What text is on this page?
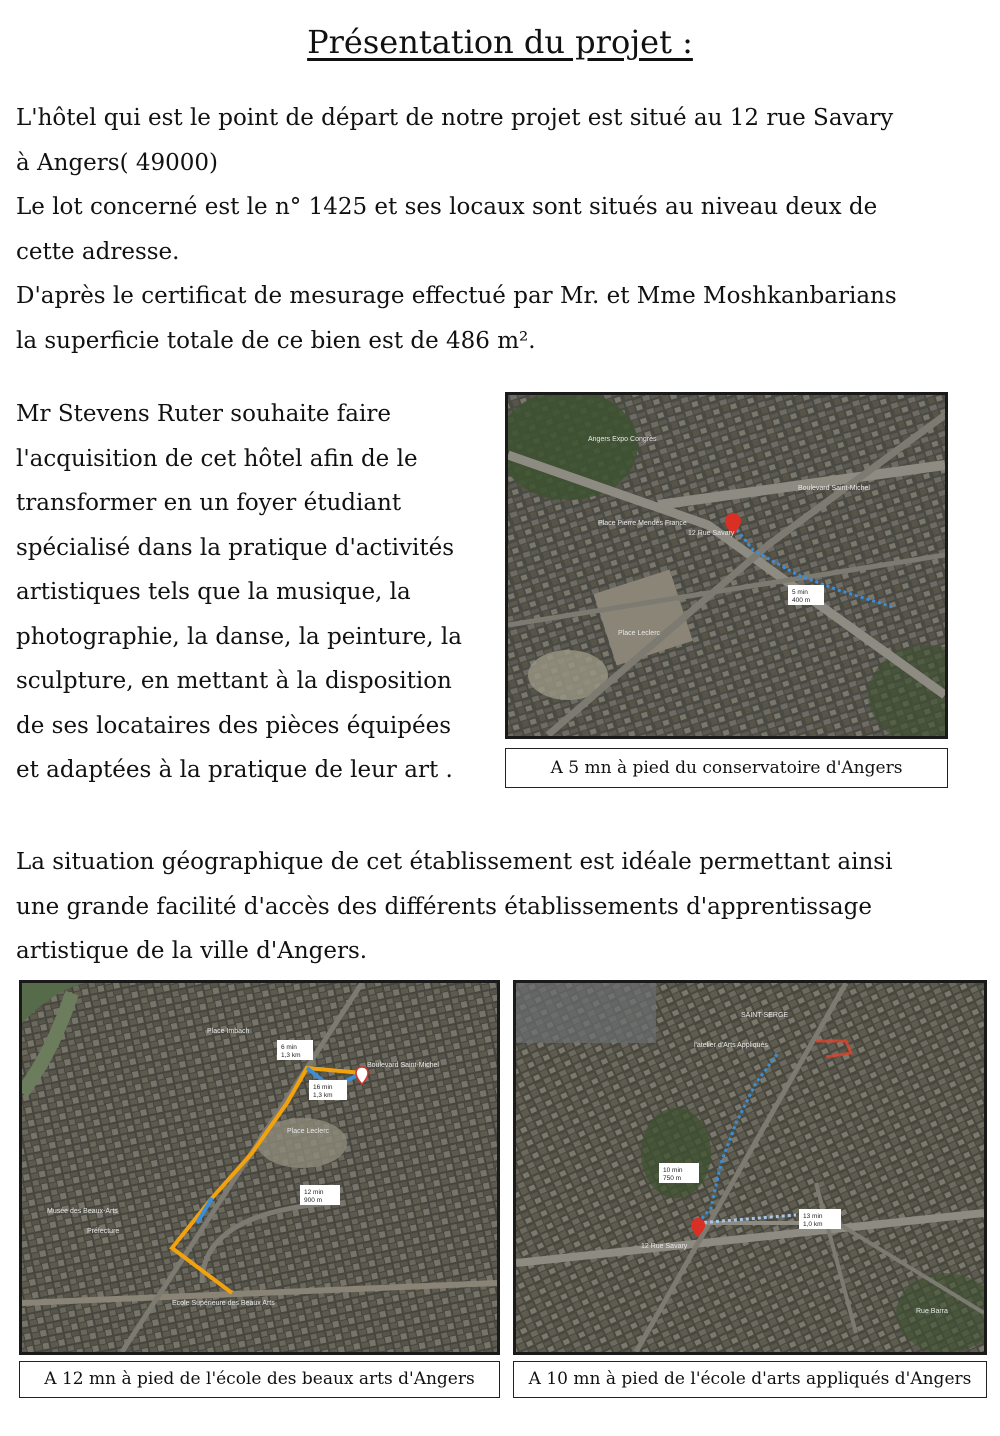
Présentation du projet :
L'hôtel qui est le point de départ de notre projet est situé au 12 rue Savary
à Angers( 49000)
Le lot concerné est le n° 1425 et ses locaux sont situés au niveau deux de
cette adresse.
D'après le certificat de mesurage effectué par Mr. et Mme Moshkanbarians
la superficie totale de ce bien est de 486 m².
Mr Stevens Ruter souhaite faire
l'acquisition de cet hôtel afin de le
transformer en un foyer étudiant
spécialisé dans la pratique d'activités
artistiques tels que la musique, la
photographie, la danse, la peinture, la
sculpture, en mettant à la disposition
de ses locataires des pièces équipées
et adaptées à la pratique de leur art .
12 Rue Savary
5 min
400 m
Angers Expo Congrès
Boulevard Saint-Michel
Place Pierre Mendès France
Place Leclerc
A 5 mn à pied du conservatoire d'Angers
La situation géographique de cet établissement est idéale permettant ainsi
une grande facilité d'accès des différents établissements d'apprentissage
artistique de la ville d'Angers.
6 min
1,3 km
16 min
1,3 km
12 min
900 m
Ecole Supérieure des Beaux Arts
Place Imbach
Boulevard Saint-Michel
Place Leclerc
Musée des Beaux-Arts
Préfecture
A 12 mn à pied de l'école des beaux arts d'Angers
12 Rue Savary
l'atelier d'Arts Appliqués
10 min
750 m
13 min
1,0 km
SAINT-SERGE
Rue Barra
A 10 mn à pied de l'école d'arts appliqués d'Angers
